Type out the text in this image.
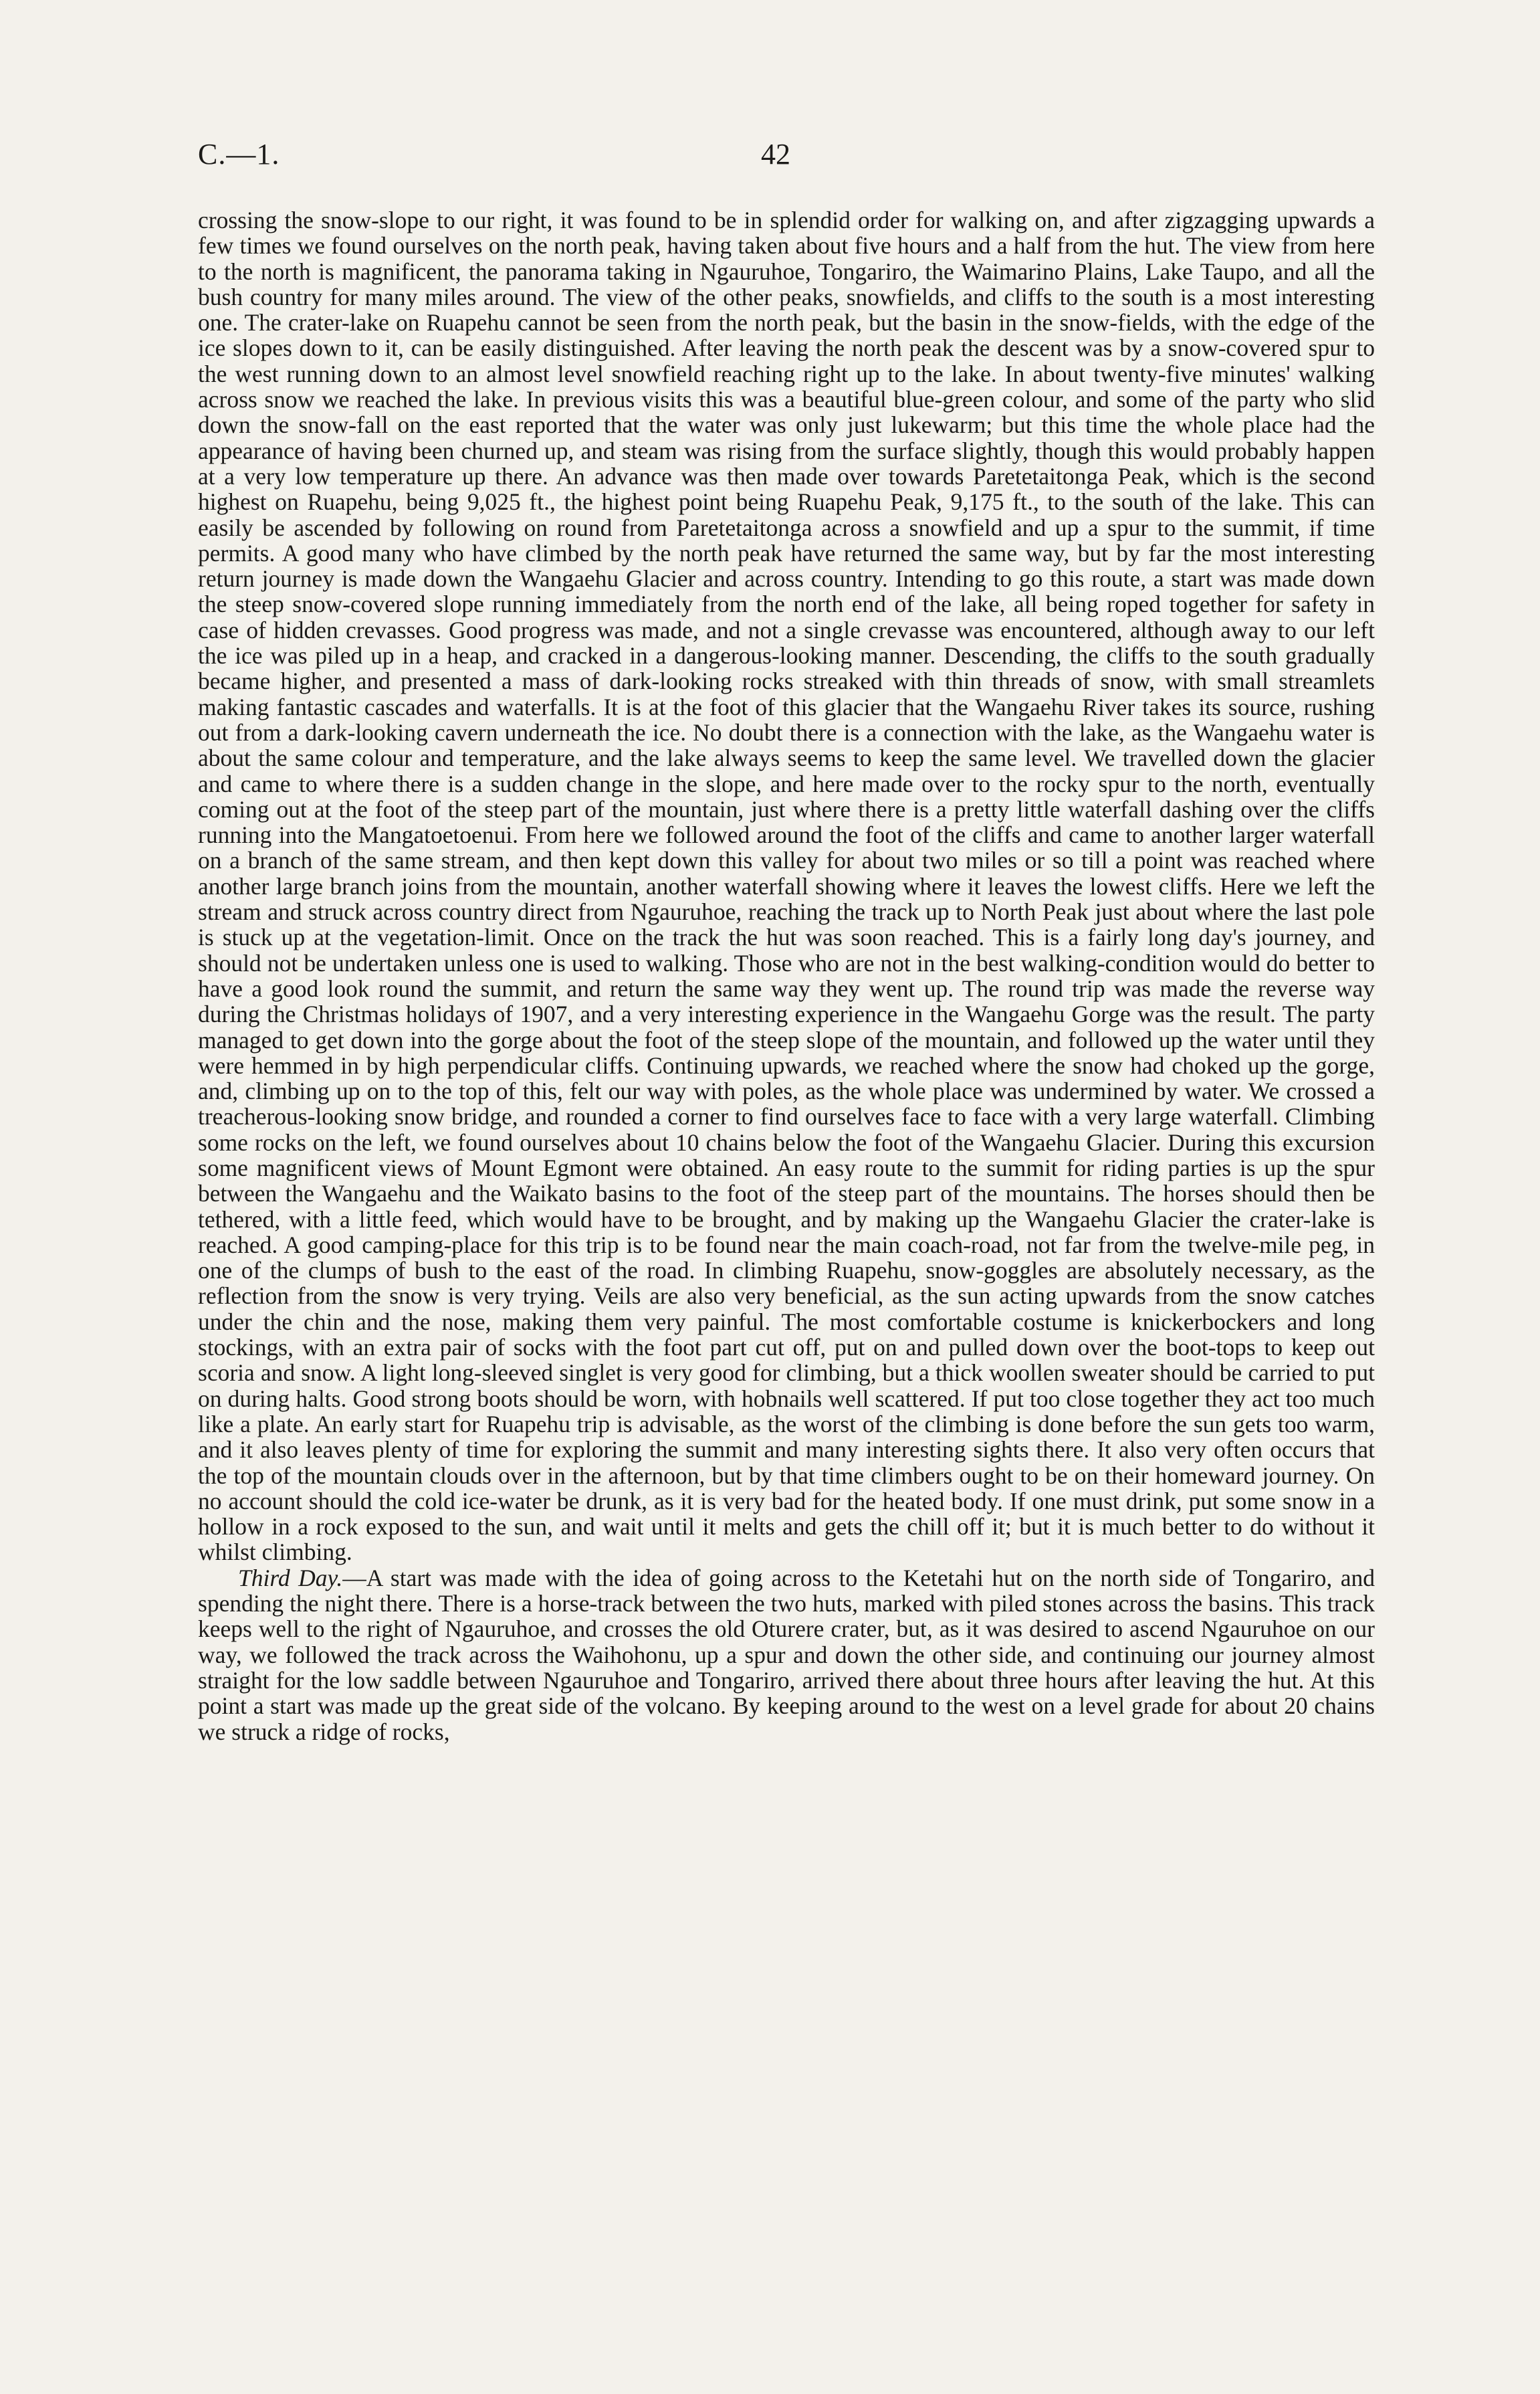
C.—1.	42

crossing the snow-slope to our right, it was found to be in splendid order for walking on, and after zigzagging upwards a few times we found ourselves on the north peak, having taken about five hours and a half from the hut. The view from here to the north is magnificent, the panorama taking in Ngauruhoe, Tongariro, the Waimarino Plains, Lake Taupo, and all the bush country for many miles around. The view of the other peaks, snowfields, and cliffs to the south is a most interesting one. The crater-lake on Ruapehu cannot be seen from the north peak, but the basin in the snow-fields, with the edge of the ice slopes down to it, can be easily distinguished. After leaving the north peak the descent was by a snow-covered spur to the west running down to an almost level snowfield reaching right up to the lake. In about twenty-five minutes' walking across snow we reached the lake. In previous visits this was a beautiful blue-green colour, and some of the party who slid down the snow-fall on the east reported that the water was only just lukewarm; but this time the whole place had the appearance of having been churned up, and steam was rising from the surface slightly, though this would probably happen at a very low temperature up there. An advance was then made over towards Paretetaitonga Peak, which is the second highest on Ruapehu, being 9,025 ft., the highest point being Ruapehu Peak, 9,175 ft., to the south of the lake. This can easily be ascended by following on round from Paretetaitonga across a snowfield and up a spur to the summit, if time permits. A good many who have climbed by the north peak have returned the same way, but by far the most interesting return journey is made down the Wangaehu Glacier and across country. Intending to go this route, a start was made down the steep snow-covered slope running immediately from the north end of the lake, all being roped together for safety in case of hidden crevasses. Good progress was made, and not a single crevasse was encountered, although away to our left the ice was piled up in a heap, and cracked in a dangerous-looking manner. Descending, the cliffs to the south gradually became higher, and presented a mass of dark-looking rocks streaked with thin threads of snow, with small streamlets making fantastic cascades and waterfalls. It is at the foot of this glacier that the Wangaehu River takes its source, rushing out from a dark-looking cavern underneath the ice. No doubt there is a connection with the lake, as the Wangaehu water is about the same colour and temperature, and the lake always seems to keep the same level. We travelled down the glacier and came to where there is a sudden change in the slope, and here made over to the rocky spur to the north, eventually coming out at the foot of the steep part of the mountain, just where there is a pretty little waterfall dashing over the cliffs running into the Mangatoetoenui. From here we followed around the foot of the cliffs and came to another larger waterfall on a branch of the same stream, and then kept down this valley for about two miles or so till a point was reached where another large branch joins from the mountain, another waterfall showing where it leaves the lowest cliffs. Here we left the stream and struck across country direct from Ngauruhoe, reaching the track up to North Peak just about where the last pole is stuck up at the vegetation-limit. Once on the track the hut was soon reached. This is a fairly long day's journey, and should not be undertaken unless one is used to walking. Those who are not in the best walking-condition would do better to have a good look round the summit, and return the same way they went up. The round trip was made the reverse way during the Christmas holidays of 1907, and a very interesting experience in the Wangaehu Gorge was the result. The party managed to get down into the gorge about the foot of the steep slope of the mountain, and followed up the water until they were hemmed in by high perpendicular cliffs. Continuing upwards, we reached where the snow had choked up the gorge, and, climbing up on to the top of this, felt our way with poles, as the whole place was undermined by water. We crossed a treacherous-looking snow bridge, and rounded a corner to find ourselves face to face with a very large waterfall. Climbing some rocks on the left, we found ourselves about 10 chains below the foot of the Wangaehu Glacier. During this excursion some magnificent views of Mount Egmont were obtained. An easy route to the summit for riding parties is up the spur between the Wangaehu and the Waikato basins to the foot of the steep part of the mountains. The horses should then be tethered, with a little feed, which would have to be brought, and by making up the Wangaehu Glacier the crater-lake is reached. A good camping-place for this trip is to be found near the main coach-road, not far from the twelve-mile peg, in one of the clumps of bush to the east of the road. In climbing Ruapehu, snow-goggles are absolutely necessary, as the reflection from the snow is very trying. Veils are also very beneficial, as the sun acting upwards from the snow catches under the chin and the nose, making them very painful. The most comfortable costume is knickerbockers and long stockings, with an extra pair of socks with the foot part cut off, put on and pulled down over the boot-tops to keep out scoria and snow. A light long-sleeved singlet is very good for climbing, but a thick woollen sweater should be carried to put on during halts. Good strong boots should be worn, with hobnails well scattered. If put too close together they act too much like a plate. An early start for Ruapehu trip is advisable, as the worst of the climbing is done before the sun gets too warm, and it also leaves plenty of time for exploring the summit and many interesting sights there. It also very often occurs that the top of the mountain clouds over in the afternoon, but by that time climbers ought to be on their homeward journey. On no account should the cold ice-water be drunk, as it is very bad for the heated body. If one must drink, put some snow in a hollow in a rock exposed to the sun, and wait until it melts and gets the chill off it; but it is much better to do without it whilst climbing.

Third Day.—A start was made with the idea of going across to the Ketetahi hut on the north side of Tongariro, and spending the night there. There is a horse-track between the two huts, marked with piled stones across the basins. This track keeps well to the right of Ngauruhoe, and crosses the old Oturere crater, but, as it was desired to ascend Ngauruhoe on our way, we followed the track across the Waihohonu, up a spur and down the other side, and continuing our journey almost straight for the low saddle between Ngauruhoe and Tongariro, arrived there about three hours after leaving the hut. At this point a start was made up the great side of the volcano. By keeping around to the west on a level grade for about 20 chains we struck a ridge of rocks,
